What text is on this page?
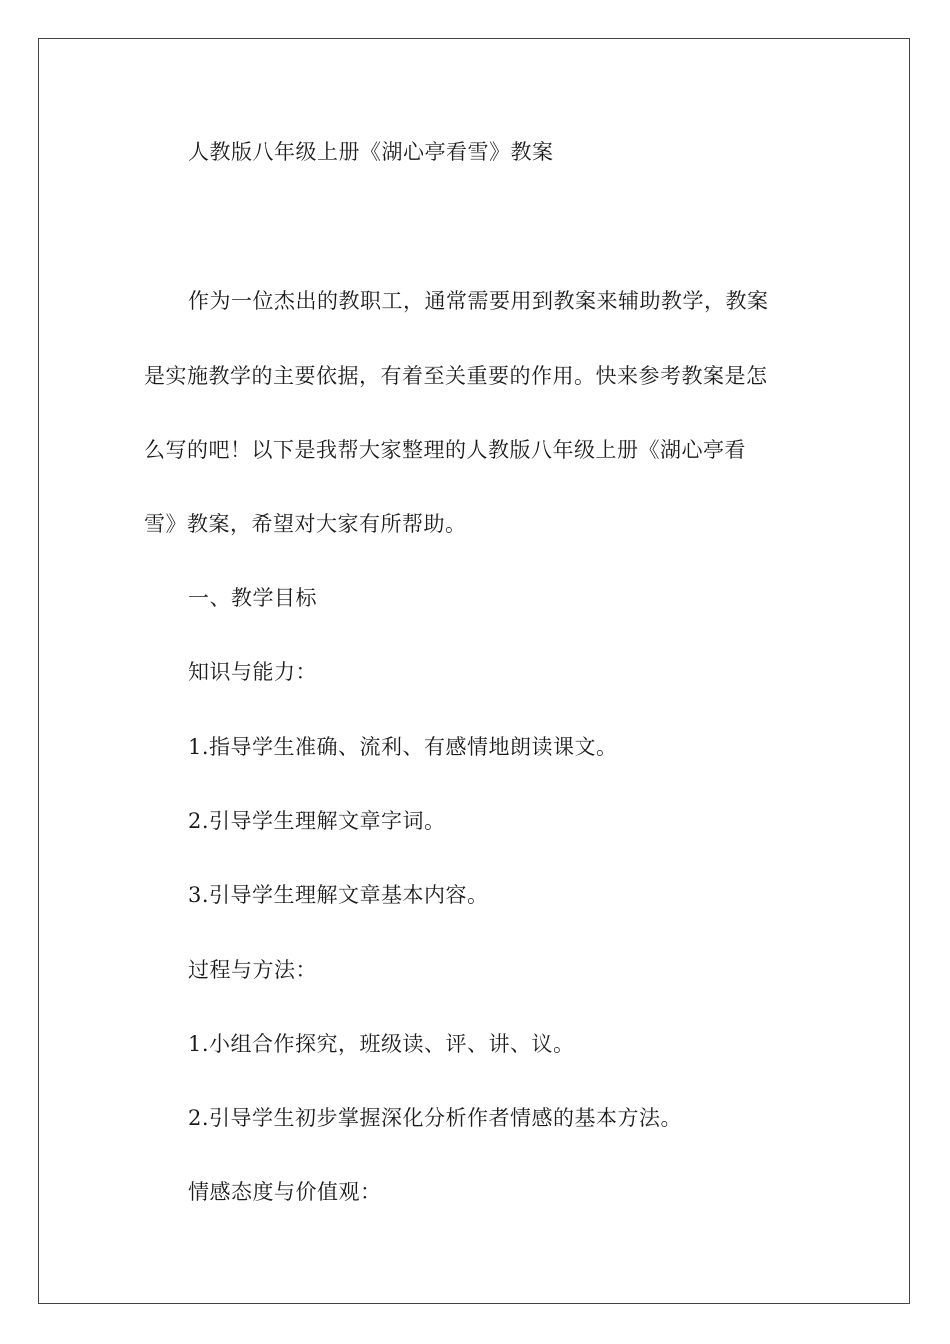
人教版八年级上册《湖心亭看雪》教案
作为一位杰出的教职工，通常需要用到教案来辅助教学，教案
是实施教学的主要依据，有着至关重要的作用。快来参考教案是怎
么写的吧！以下是我帮大家整理的人教版八年级上册《湖心亭看
雪》教案，希望对大家有所帮助。
一、教学目标
知识与能力：
1.指导学生准确、流利、有感情地朗读课文。
2.引导学生理解文章字词。
3.引导学生理解文章基本内容。
过程与方法：
1.小组合作探究，班级读、评、讲、议。
2.引导学生初步掌握深化分析作者情感的基本方法。
情感态度与价值观：
